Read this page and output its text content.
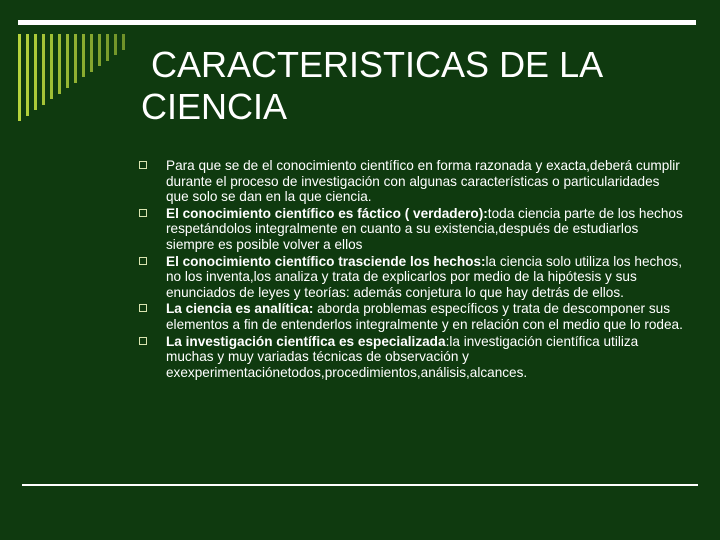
CARACTERISTICAS DE LA CIENCIA
Para que se de el conocimiento científico en forma razonada y exacta,deberá cumplir durante el proceso de investigación con algunas características o particularidades que solo se dan en la que ciencia.
El conocimiento científico es fáctico ( verdadero):toda ciencia parte de los hechos respetándolos integralmente en cuanto a su existencia,después de estudiarlos siempre es posible volver a ellos
El conocimiento científico trasciende los hechos:la ciencia solo utiliza los hechos, no los inventa,los analiza y trata de explicarlos por medio de la hipótesis y sus enunciados de leyes y teorías: además conjetura lo que hay detrás de ellos.
La ciencia es analítica: aborda problemas específicos y trata de descomponer sus elementos a fin de entenderlos integralmente y en relación con el medio que lo rodea.
La investigación científica es especializada:la investigación científica utiliza muchas y muy variadas técnicas de observación y exexperimentaciónetodos,procedimientos,análisis,alcances.
